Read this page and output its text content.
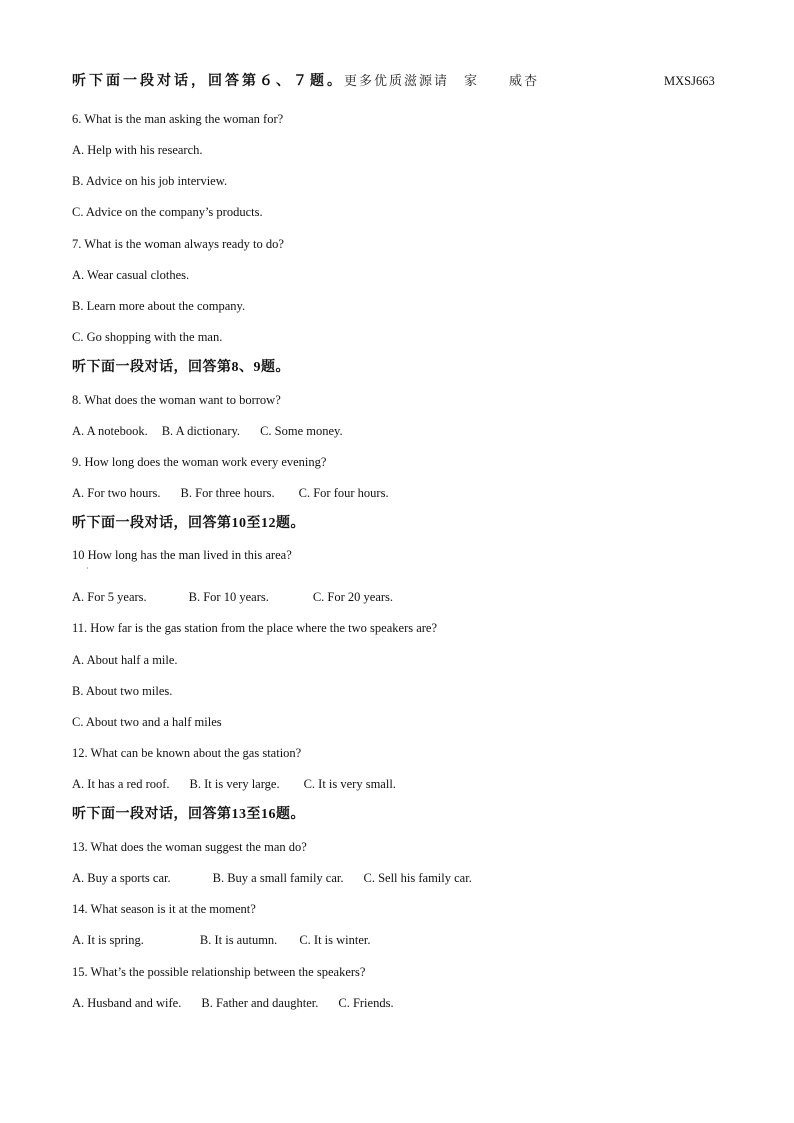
听下面一段对话，回答第６、７题。更多优质滋源请　家　　威杏	MXSJ663

6. What is the man asking the woman for?

A. Help with his research.

B. Advice on his job interview.

C. Advice on the company’s products.

7. What is the woman always ready to do?

A. Wear casual clothes.

B. Learn more about the company.

C. Go shopping with the man.

听下面一段对话，回答第8、9题。

8. What does the woman want to borrow?

A. A notebook. B. A dictionary. C. Some money.

9. How long does the woman work every evening?

A. For two hours. B. For three hours. C. For four hours.

听下面一段对话，回答第10至12题。

10 How long has the man lived in this area?

·

A. For 5 years.	B. For 10 years.	C. For 20 years.

11. How far is the gas station from the place where the two speakers are?

A. About half a mile.

B. About two miles.

C. About two and a half miles

12. What can be known about the gas station?

A. It has a red roof. B. It is very large. C. It is very small.

听下面一段对话，回答第13至16题。

13. What does the woman suggest the man do?

A. Buy a sports car.	B. Buy a small family car. C. Sell his family car.

14. What season is it at the moment?

A. It is spring.	B. It is autumn. C. It is winter.

15. What’s the possible relationship between the speakers?

A. Husband and wife. B. Father and daughter. C. Friends.
